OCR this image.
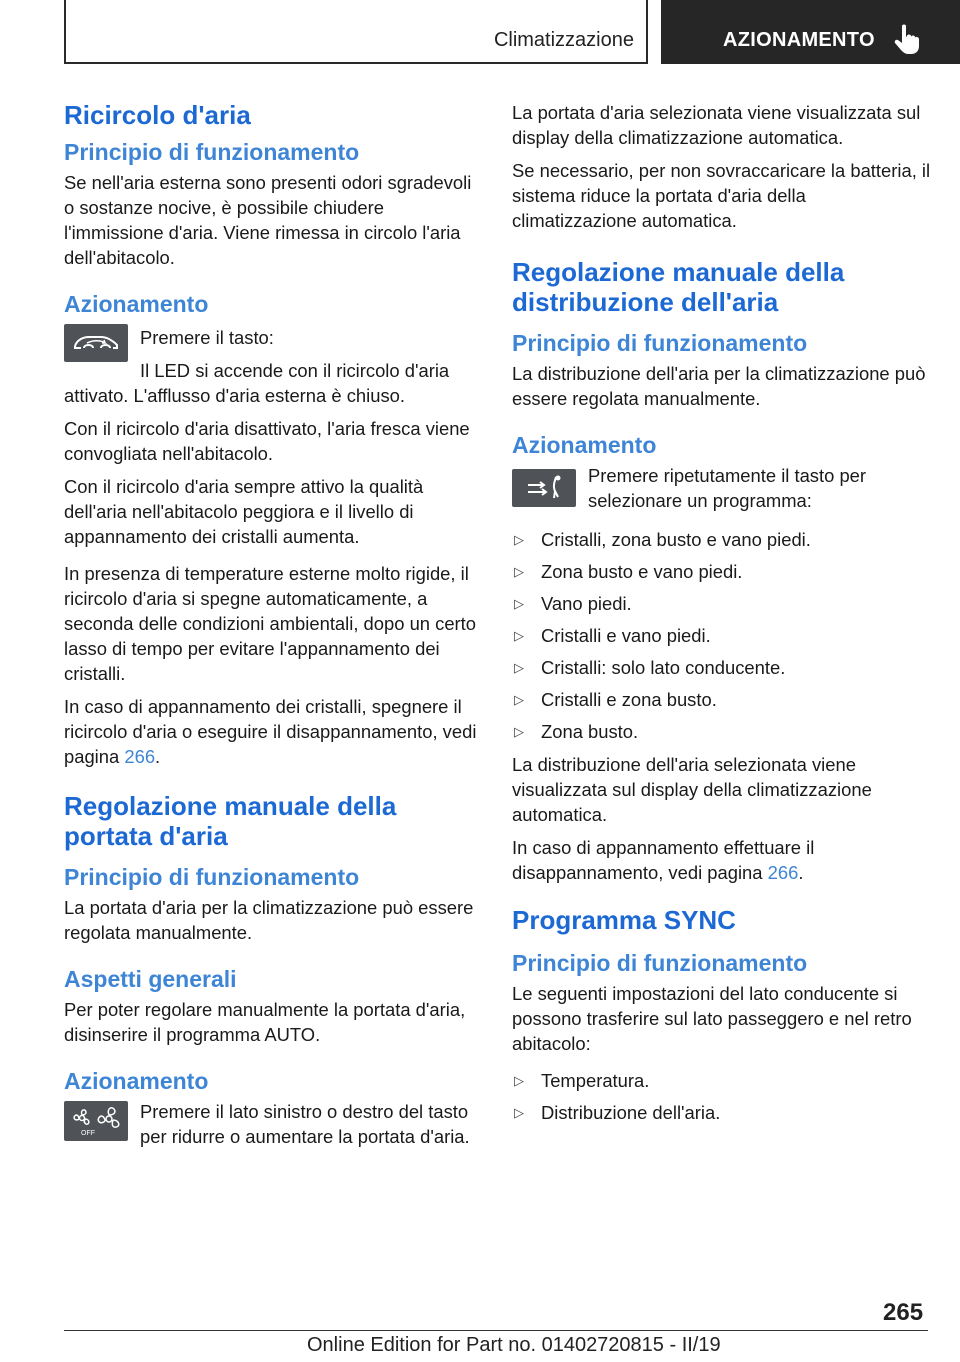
Climatizzazione	AZIONAMENTO
Ricircolo d'aria
Principio di funzionamento

Se nell'aria esterna sono presenti odori sgradevoli o sostanze nocive, è possibile chiudere l'immissione d'aria. Viene rimessa in circolo l'aria dell'abitacolo.

Azionamento
Premere il tasto:

Il LED si accende con il ricircolo d'aria attivato. L'afflusso d'aria esterna è chiuso.

Con il ricircolo d'aria disattivato, l'aria fresca viene convogliata nell'abitacolo.

Con il ricircolo d'aria sempre attivo la qualità dell'aria nell'abitacolo peggiora e il livello di appannamento dei cristalli aumenta.

In presenza di temperature esterne molto rigide, il ricircolo d'aria si spegne automaticamente, a seconda delle condizioni ambientali, dopo un certo lasso di tempo per evitare l'appannamento dei cristalli.

In caso di appannamento dei cristalli, spegnere il ricircolo d'aria o eseguire il disappannamento, vedi pagina 266.

Regolazione manuale della portata d'aria
Principio di funzionamento

La portata d'aria per la climatizzazione può essere regolata manualmente.

Aspetti generali

Per poter regolare manualmente la portata d'aria, disinserire il programma AUTO.

Azionamento
OFF
Premere il lato sinistro o destro del tasto per ridurre o aumentare la portata d'aria.

La portata d'aria selezionata viene visualizzata sul display della climatizzazione automatica.

Se necessario, per non sovraccaricare la batteria, il sistema riduce la portata d'aria della climatizzazione automatica.

Regolazione manuale della distribuzione dell'aria
Principio di funzionamento

La distribuzione dell'aria per la climatizzazione può essere regolata manualmente.

Azionamento
Premere ripetutamente il tasto per selezionare un programma:
▷ Cristalli, zona busto e vano piedi.
▷ Zona busto e vano piedi.
▷ Vano piedi.
▷ Cristalli e vano piedi.
▷ Cristalli: solo lato conducente.
▷ Cristalli e zona busto.
▷ Zona busto.

La distribuzione dell'aria selezionata viene visualizzata sul display della climatizzazione automatica.

In caso di appannamento effettuare il disappannamento, vedi pagina 266.

Programma SYNC
Principio di funzionamento

Le seguenti impostazioni del lato conducente si possono trasferire sul lato passeggero e nel retro abitacolo:

▷ Temperatura.
▷ Distribuzione dell'aria.
265
Online Edition for Part no. 01402720815 - II/19
